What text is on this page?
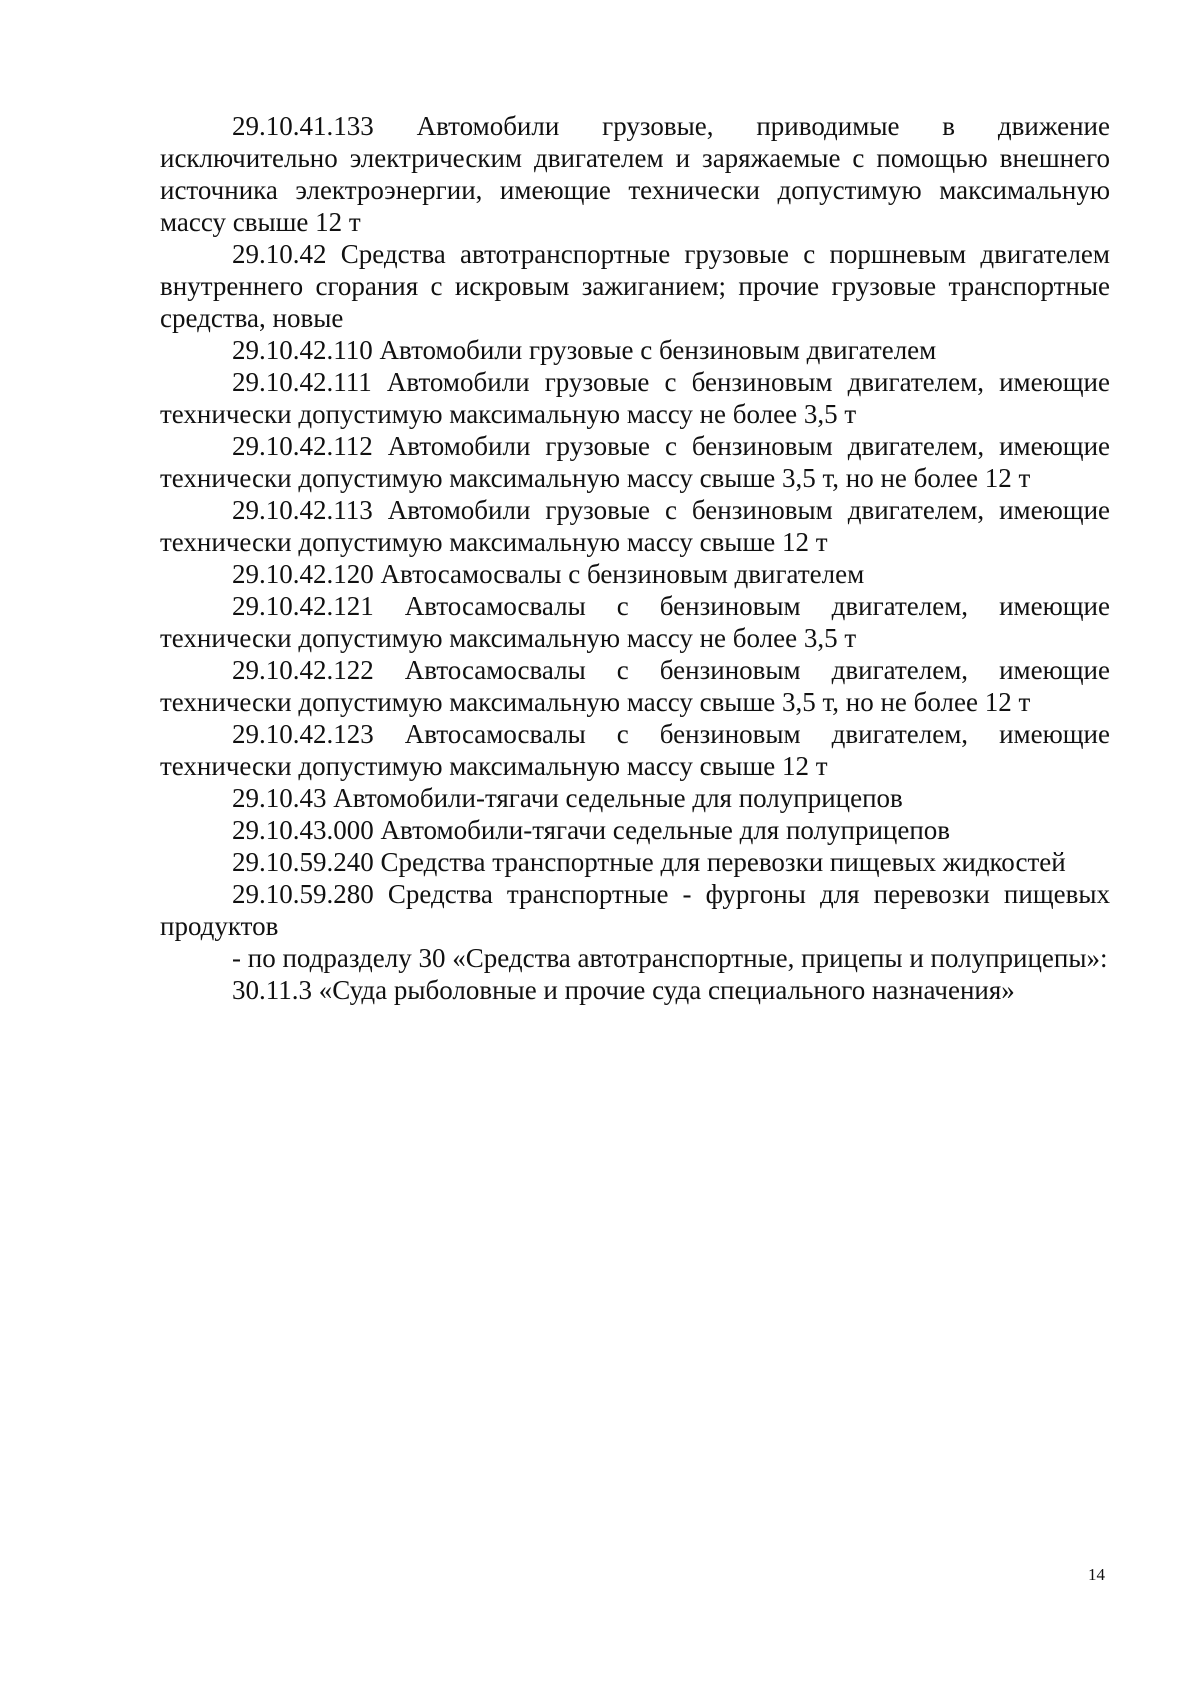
29.10.41.133 Автомобили грузовые, приводимые в движение исключительно электрическим двигателем и заряжаемые с помощью внешнего источника электроэнергии, имеющие технически допустимую максимальную массу свыше 12 т

29.10.42 Средства автотранспортные грузовые с поршневым двигателем внутреннего сгорания с искровым зажиганием; прочие грузовые транспортные средства, новые

29.10.42.110 Автомобили грузовые с бензиновым двигателем

29.10.42.111 Автомобили грузовые с бензиновым двигателем, имеющие технически допустимую максимальную массу не более 3,5 т

29.10.42.112 Автомобили грузовые с бензиновым двигателем, имеющие технически допустимую максимальную массу свыше 3,5 т, но не более 12 т

29.10.42.113 Автомобили грузовые с бензиновым двигателем, имеющие технически допустимую максимальную массу свыше 12 т

29.10.42.120 Автосамосвалы с бензиновым двигателем

29.10.42.121 Автосамосвалы с бензиновым двигателем, имеющие технически допустимую максимальную массу не более 3,5 т

29.10.42.122 Автосамосвалы с бензиновым двигателем, имеющие технически допустимую максимальную массу свыше 3,5 т, но не более 12 т

29.10.42.123 Автосамосвалы с бензиновым двигателем, имеющие технически допустимую максимальную массу свыше 12 т

29.10.43 Автомобили-тягачи седельные для полуприцепов

29.10.43.000 Автомобили-тягачи седельные для полуприцепов

29.10.59.240 Средства транспортные для перевозки пищевых жидкостей

29.10.59.280 Средства транспортные - фургоны для перевозки пищевых продуктов

- по подразделу 30 «Средства автотранспортные, прицепы и полуприцепы»:

30.11.3 «Суда рыболовные и прочие суда специального назначения»

14
